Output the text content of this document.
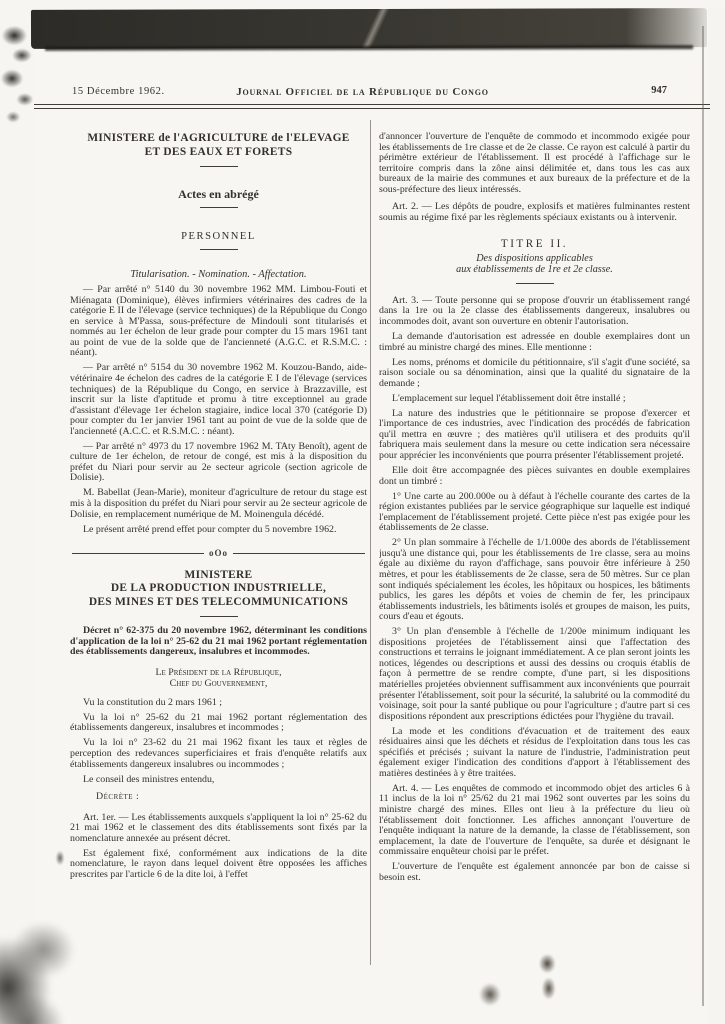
15 Décembre 1962.	Journal Officiel de la République du Congo	947
MINISTERE de l'AGRICULTURE de l'ELEVAGE
ET DES EAUX ET FORETS
Actes en abrégé
PERSONNEL
Titularisation. - Nomination. - Affectation.

— Par arrêté n° 5140 du 30 novembre 1962 MM. Limbou-Fouti et Miénagata (Dominique), élèves infirmiers vétérinaires des cadres de la catégorie E II de l'élevage (service techniques) de la République du Congo en service à M'Passa, sous-préfecture de Mindouli sont titularisés et nommés au 1er échelon de leur grade pour compter du 15 mars 1961 tant au point de vue de la solde que de l'ancienneté (A.G.C. et R.S.M.C. : néant).

— Par arrêté n° 5154 du 30 novembre 1962 M. Kouzou-Bando, aide-vétérinaire 4e échelon des cadres de la catégorie E I de l'élevage (services techniques) de la République du Congo, en service à Brazzaville, est inscrit sur la liste d'aptitude et promu à titre exceptionnel au grade d'assistant d'élevage 1er échelon stagiaire, indice local 370 (catégorie D) pour compter du 1er janvier 1961 tant au point de vue de la solde que de l'ancienneté (A.C.C. et R.S.M.C. : néant).

— Par arrêté n° 4973 du 17 novembre 1962 M. TAty Benoît), agent de culture de 1er échelon, de retour de congé, est mis à la disposition du préfet du Niari pour servir au 2e secteur agricole (section agricole de Dolisie).

M. Babellat (Jean-Marie), moniteur d'agriculture de retour du stage est mis à la disposition du préfet du Niari pour servir au 2e secteur agricole de Dolisie, en remplacement numérique de M. Moinengula décédé.

Le présent arrêté prend effet pour compter du 5 novembre 1962.

oOo
MINISTERE
DE LA PRODUCTION INDUSTRIELLE,
DES MINES ET DES TELECOMMUNICATIONS

Décret n° 62-375 du 20 novembre 1962, déterminant les conditions d'application de la loi n° 25-62 du 21 mai 1962 portant réglementation des établissements dangereux, insalubres et incommodes.

Le Président de la République,

Chef du Gouvernement,

Vu la constitution du 2 mars 1961 ;

Vu la loi n° 25-62 du 21 mai 1962 portant réglementation des établissements dangereux, insalubres et incommodes ;

Vu la loi n° 23-62 du 21 mai 1962 fixant les taux et règles de perception des redevances superficiaires et frais d'enquête relatifs aux établissements dangereux insalubres ou incommodes ;

Le conseil des ministres entendu,

Décrète :

Art. 1er. — Les établissements auxquels s'appliquent la loi n° 25-62 du 21 mai 1962 et le classement des dits établissements sont fixés par la nomenclature annexée au présent décret.

Est également fixé, conformément aux indications de la dite nomenclature, le rayon dans lequel doivent être opposées les affiches prescrites par l'article 6 de la dite loi, à l'effet

d'annoncer l'ouverture de l'enquête de commodo et incommodo exigée pour les établissements de 1re classe et de 2e classe. Ce rayon est calculé à partir du périmètre extérieur de l'établissement. Il est procédé à l'affichage sur le territoire compris dans la zône ainsi délimitée et, dans tous les cas aux bureaux de la mairie des communes et aux bureaux de la préfecture et de la sous-préfecture des lieux intéressés.

Art. 2. — Les dépôts de poudre, explosifs et matières fulminantes restent soumis au régime fixé par les règlements spéciaux existants ou à intervenir.

TITRE II.
Des dispositions applicables
aux établissements de 1re et 2e classe.

Art. 3. — Toute personne qui se propose d'ouvrir un établissement rangé dans la 1re ou la 2e classe des établissements dangereux, insalubres ou incommodes doit, avant son ouverture en obtenir l'autorisation.

La demande d'autorisation est adressée en double exemplaires dont un timbré au ministre chargé des mines. Elle mentionne :

Les noms, prénoms et domicile du pétitionnaire, s'il s'agit d'une société, sa raison sociale ou sa dénomination, ainsi que la qualité du signataire de la demande ;

L'emplacement sur lequel l'établissement doit être installé ;

La nature des industries que le pétitionnaire se propose d'exercer et l'importance de ces industries, avec l'indication des procédés de fabrication qu'il mettra en œuvre ; des matières qu'il utilisera et des produits qu'il fabriquera mais seulement dans la mesure ou cette indication sera nécessaire pour apprécier les inconvénients que pourra présenter l'établissement projeté.

Elle doit être accompagnée des pièces suivantes en double exemplaires dont un timbré :

1° Une carte au 200.000e ou à défaut à l'échelle courante des cartes de la région existantes publiées par le service géographique sur laquelle est indiqué l'emplacement de l'établissement projeté. Cette pièce n'est pas exigée pour les établissements de 2e classe.

2° Un plan sommaire à l'échelle de 1/1.000e des abords de l'établissement jusqu'à une distance qui, pour les établissements de 1re classe, sera au moins égale au dixième du rayon d'affichage, sans pouvoir être inférieure à 250 mètres, et pour les établissements de 2e classe, sera de 50 mètres. Sur ce plan sont indiqués spécialement les écoles, les hôpitaux ou hospices, les bâtiments publics, les gares les dépôts et voies de chemin de fer, les principaux établissements industriels, les bâtiments isolés et groupes de maison, les puits, cours d'eau et égouts.

3° Un plan d'ensemble à l'échelle de 1/200e minimum indiquant les dispositions projetées de l'établissement ainsi que l'affectation des constructions et terrains le joignant immédiatement. A ce plan seront joints les notices, légendes ou descriptions et aussi des dessins ou croquis établis de façon à permettre de se rendre compte, d'une part, si les dispositions matérielles projetées obviennent suffisamment aux inconvénients que pourrait présenter l'établissement, soit pour la sécurité, la salubrité ou la commodité du voisinage, soit pour la santé publique ou pour l'agriculture ; d'autre part si ces dispositions répondent aux prescriptions édictées pour l'hygiène du travail.

La mode et les conditions d'évacuation et de traitement des eaux résiduaires ainsi que les déchets et résidus de l'exploitation dans tous les cas spécifiés et précisés ; suivant la nature de l'industrie, l'administration peut également exiger l'indication des conditions d'apport à l'établissement des matières destinées à y être traitées.

Art. 4. — Les enquêtes de commodo et incommodo objet des articles 6 à 11 inclus de la loi n° 25/62 du 21 mai 1962 sont ouvertes par les soins du ministre chargé des mines. Elles ont lieu à la préfecture du lieu où l'établissement doit fonctionner. Les affiches annonçant l'ouverture de l'enquête indiquant la nature de la demande, la classe de l'établissement, son emplacement, la date de l'ouverture de l'enquête, sa durée et désignant le commissaire enquêteur choisi par le préfet.

L'ouverture de l'enquête est également annoncée par bon de caisse si besoin est.
